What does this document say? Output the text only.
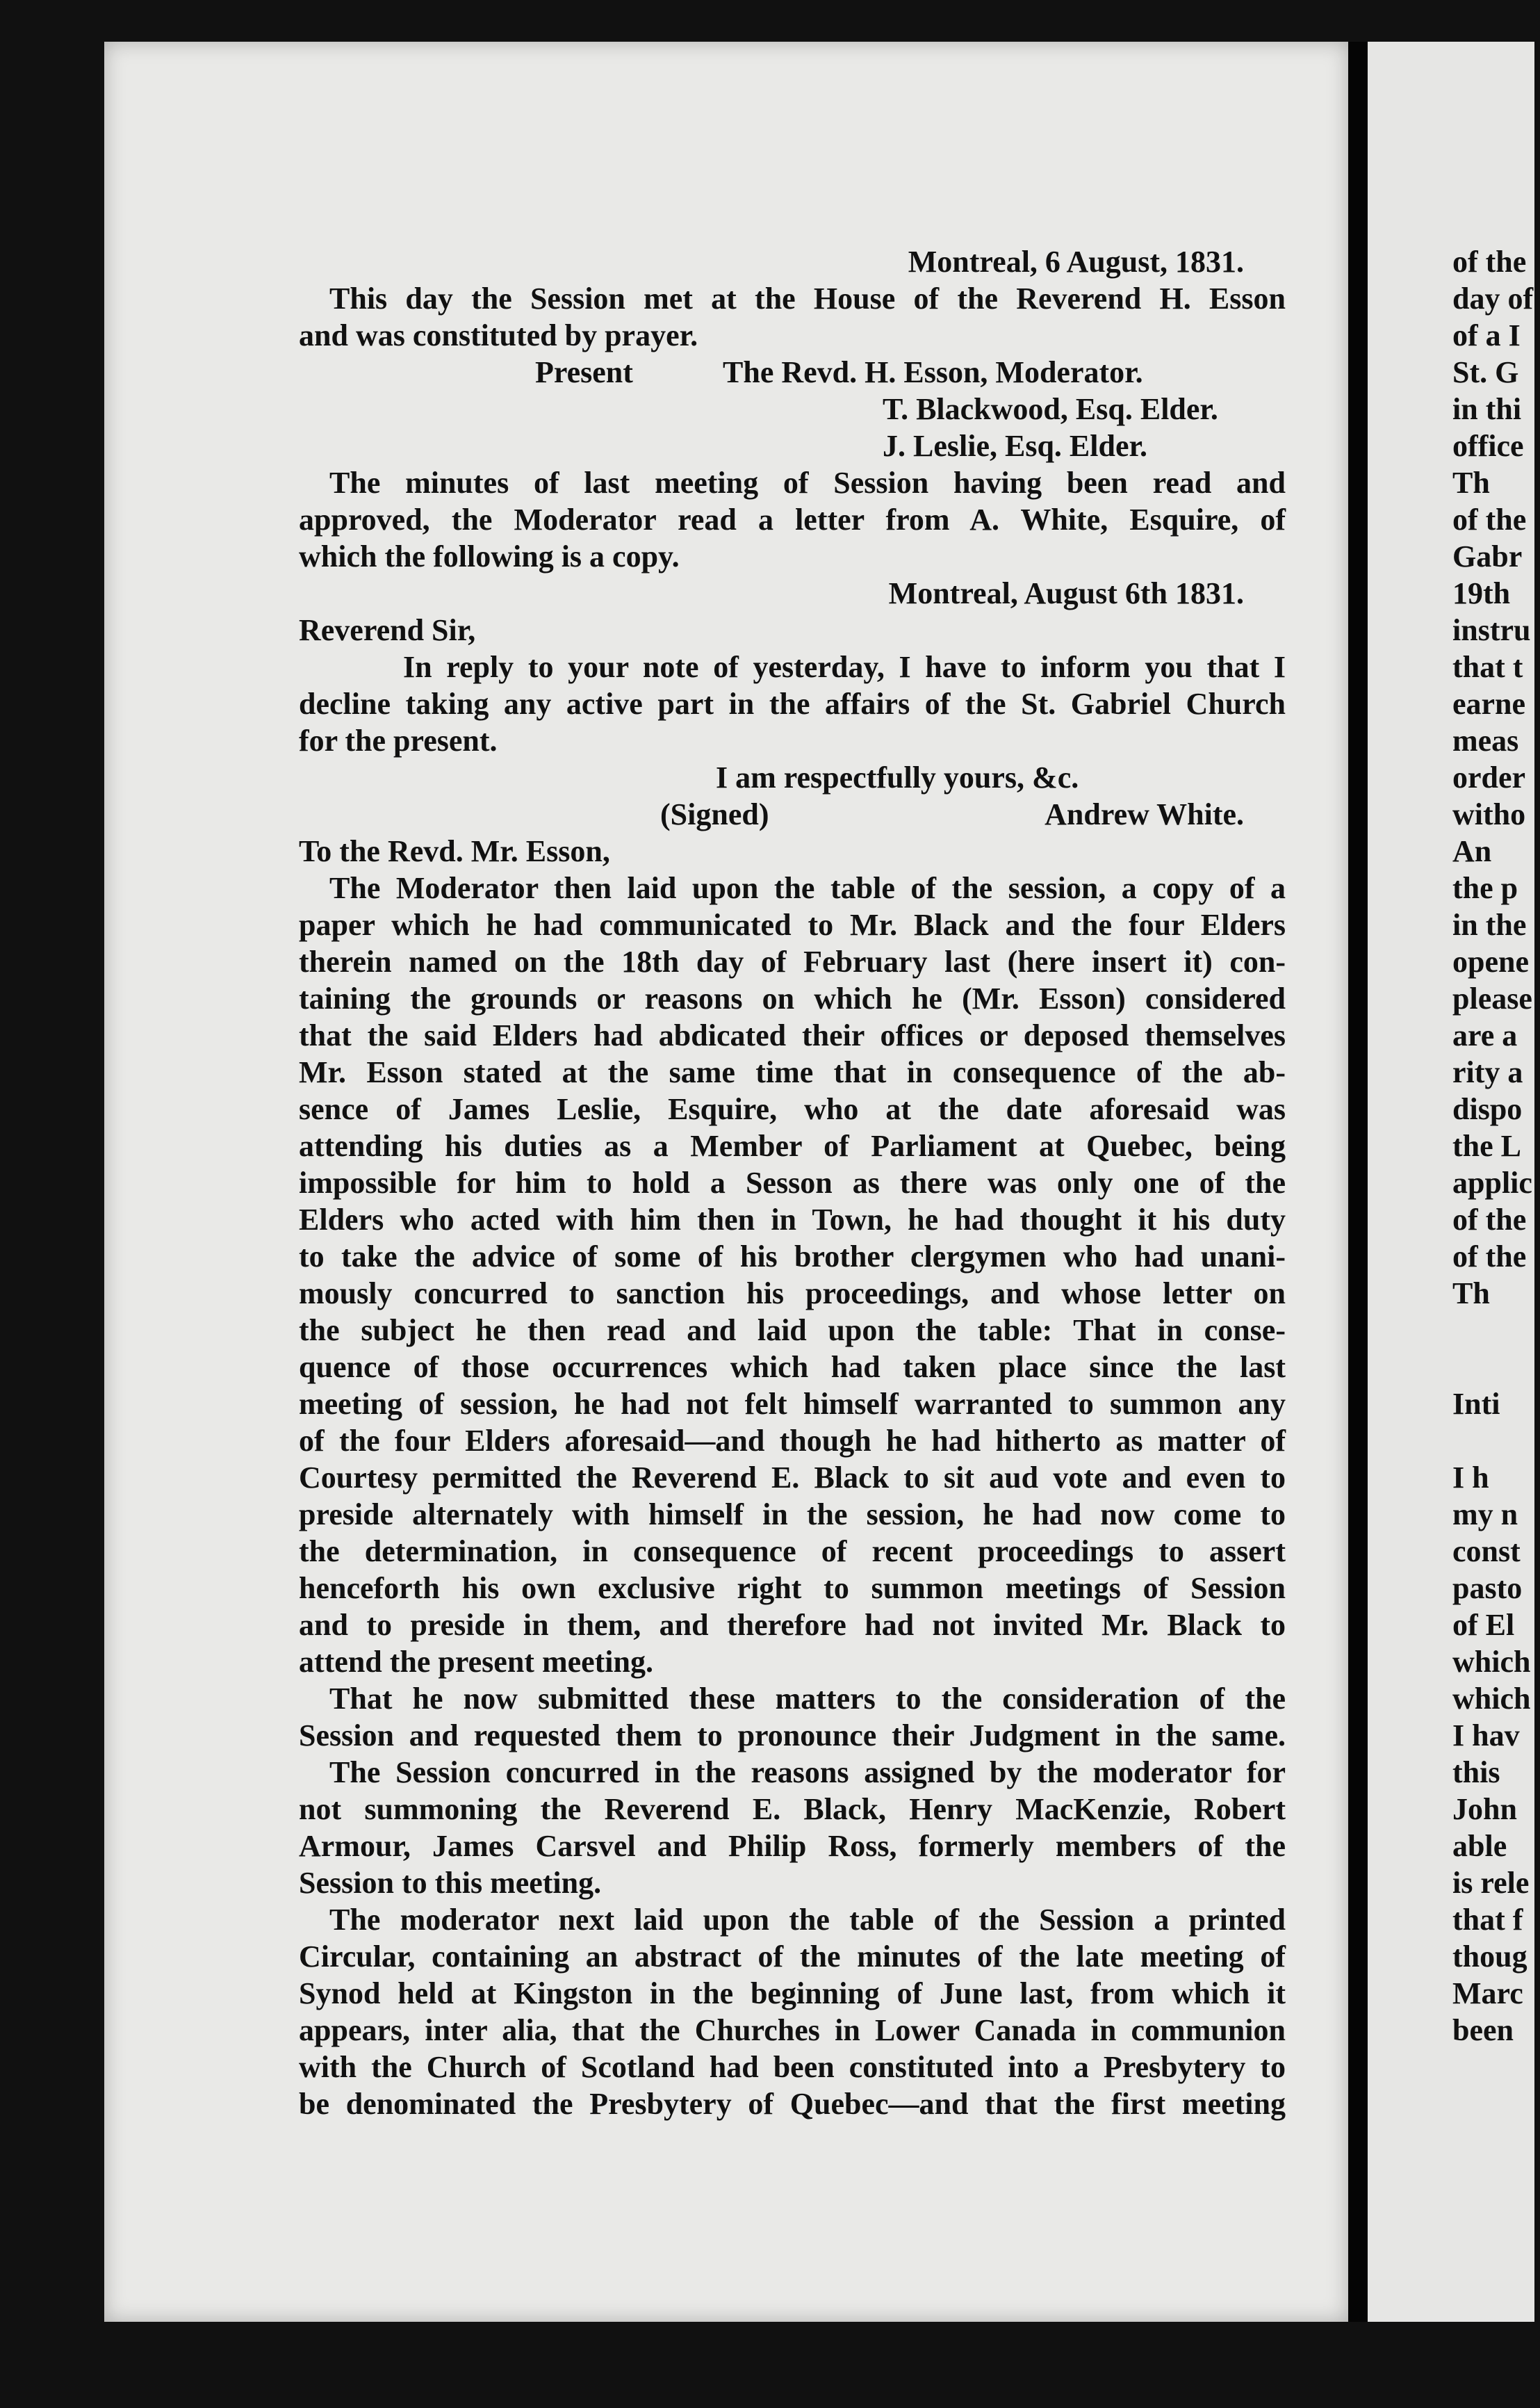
Montreal, 6 August, 1831.
This day the Session met at the House of the Reverend H. Esson
and was constituted by prayer.
Present	The Revd. H. Esson, Moderator.
T. Blackwood, Esq. Elder.
J. Leslie, Esq. Elder.
The minutes of last meeting of Session having been read and
approved, the Moderator read a letter from A. White, Esquire, of
which the following is a copy.
Montreal, August 6th 1831.
Reverend Sir,
In reply to your note of yesterday, I have to inform you that I
decline taking any active part in the affairs of the St. Gabriel Church
for the present.
I am respectfully yours, &c.
(Signed)	Andrew White.
To the Revd. Mr. Esson,
The Moderator then laid upon the table of the session, a copy of a
paper which he had communicated to Mr. Black and the four Elders
therein named on the 18th day of February last (here insert it) con-
taining the grounds or reasons on which he (Mr. Esson) considered
that the said Elders had abdicated their offices or deposed themselves
Mr. Esson stated at the same time that in consequence of the ab-
sence of James Leslie, Esquire, who at the date aforesaid was
attending his duties as a Member of Parliament at Quebec, being
impossible for him to hold a Sesson as there was only one of the
Elders who acted with him then in Town, he had thought it his duty
to take the advice of some of his brother clergymen who had unani-
mously concurred to sanction his proceedings, and whose letter on
the subject he then read and laid upon the table: That in conse-
quence of those occurrences which had taken place since the last
meeting of session, he had not felt himself warranted to summon any
of the four Elders aforesaid—and though he had hitherto as matter of
Courtesy permitted the Reverend E. Black to sit aud vote and even to
preside alternately with himself in the session, he had now come to
the determination, in consequence of recent proceedings to assert
henceforth his own exclusive right to summon meetings of Session
and to preside in them, and therefore had not invited Mr. Black to
attend the present meeting.
That he now submitted these matters to the consideration of the
Session and requested them to pronounce their Judgment in the same.
The Session concurred in the reasons assigned by the moderator for
not summoning the Reverend E. Black, Henry MacKenzie, Robert
Armour, James Carsvel and Philip Ross, formerly members of the
Session to this meeting.
The moderator next laid upon the table of the Session a printed
Circular, containing an abstract of the minutes of the late meeting of
Synod held at Kingston in the beginning of June last, from which it
appears, inter alia, that the Churches in Lower Canada in communion
with the Church of Scotland had been constituted into a Presbytery to
be denominated the Presbytery of Quebec—and that the first meeting
of the
day of
of a I
St. G
in thi
office
Th
of the
Gabr
19th
instru
that t
earne
meas
order
witho
An
the p
in the
opene
please
are a
rity a
dispo
the L
applic
of the
of the
Th

Inti

I h
my n
const
pasto
of El
which
which
I hav
this
John
able
is rele
that f
thoug
Marc
been
